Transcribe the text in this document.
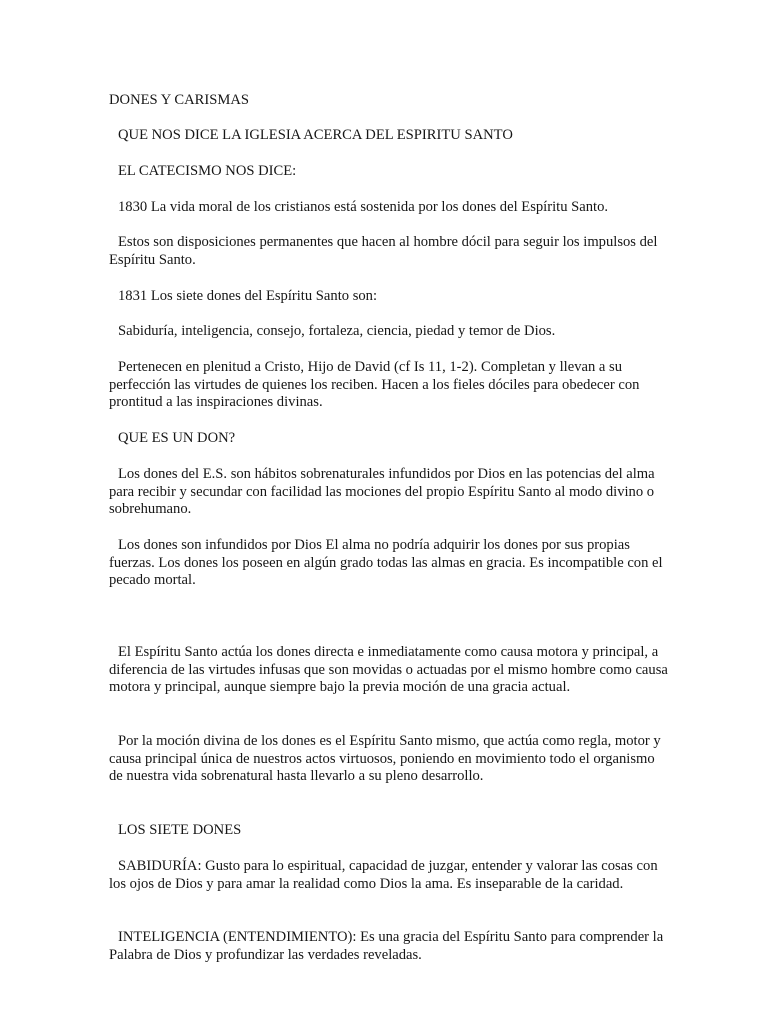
DONES Y CARISMAS

QUE NOS DICE LA IGLESIA ACERCA DEL ESPIRITU SANTO

EL CATECISMO NOS DICE:

1830 La vida moral de los cristianos está sostenida por los dones del Espíritu Santo.

Estos son disposiciones permanentes que hacen al hombre dócil para seguir los impulsos del Espíritu Santo.

1831 Los siete dones del Espíritu Santo son:

Sabiduría, inteligencia, consejo, fortaleza, ciencia, piedad y temor de Dios.

Pertenecen en plenitud a Cristo, Hijo de David (cf Is 11, 1-2). Completan y llevan a su perfección las virtudes de quienes los reciben. Hacen a los fieles dóciles para obedecer con prontitud a las inspiraciones divinas.

QUE ES UN DON?

Los dones del E.S. son hábitos sobrenaturales infundidos por Dios en las potencias del alma para recibir y secundar con facilidad las mociones del propio Espíritu Santo al modo divino o sobrehumano.

Los dones son infundidos por Dios El alma no podría adquirir los dones por sus propias fuerzas. Los dones los poseen en algún grado todas las almas en gracia. Es incompatible con el pecado mortal.

El Espíritu Santo actúa los dones directa e inmediatamente como causa motora y principal, a diferencia de las virtudes infusas que son movidas o actuadas por el mismo hombre como causa motora y principal, aunque siempre bajo la previa moción de una gracia actual.

Por la moción divina de los dones es el Espíritu Santo mismo, que actúa como regla, motor y causa principal única de nuestros actos virtuosos, poniendo en movimiento todo el organismo de nuestra vida sobrenatural hasta llevarlo a su pleno desarrollo.

LOS SIETE DONES

SABIDURÍA: Gusto para lo espiritual, capacidad de juzgar, entender y valorar las cosas con los ojos de Dios y para amar la realidad como Dios la ama. Es inseparable de la caridad.

INTELIGENCIA (ENTENDIMIENTO): Es una gracia del Espíritu Santo para comprender la Palabra de Dios y profundizar las verdades reveladas.
